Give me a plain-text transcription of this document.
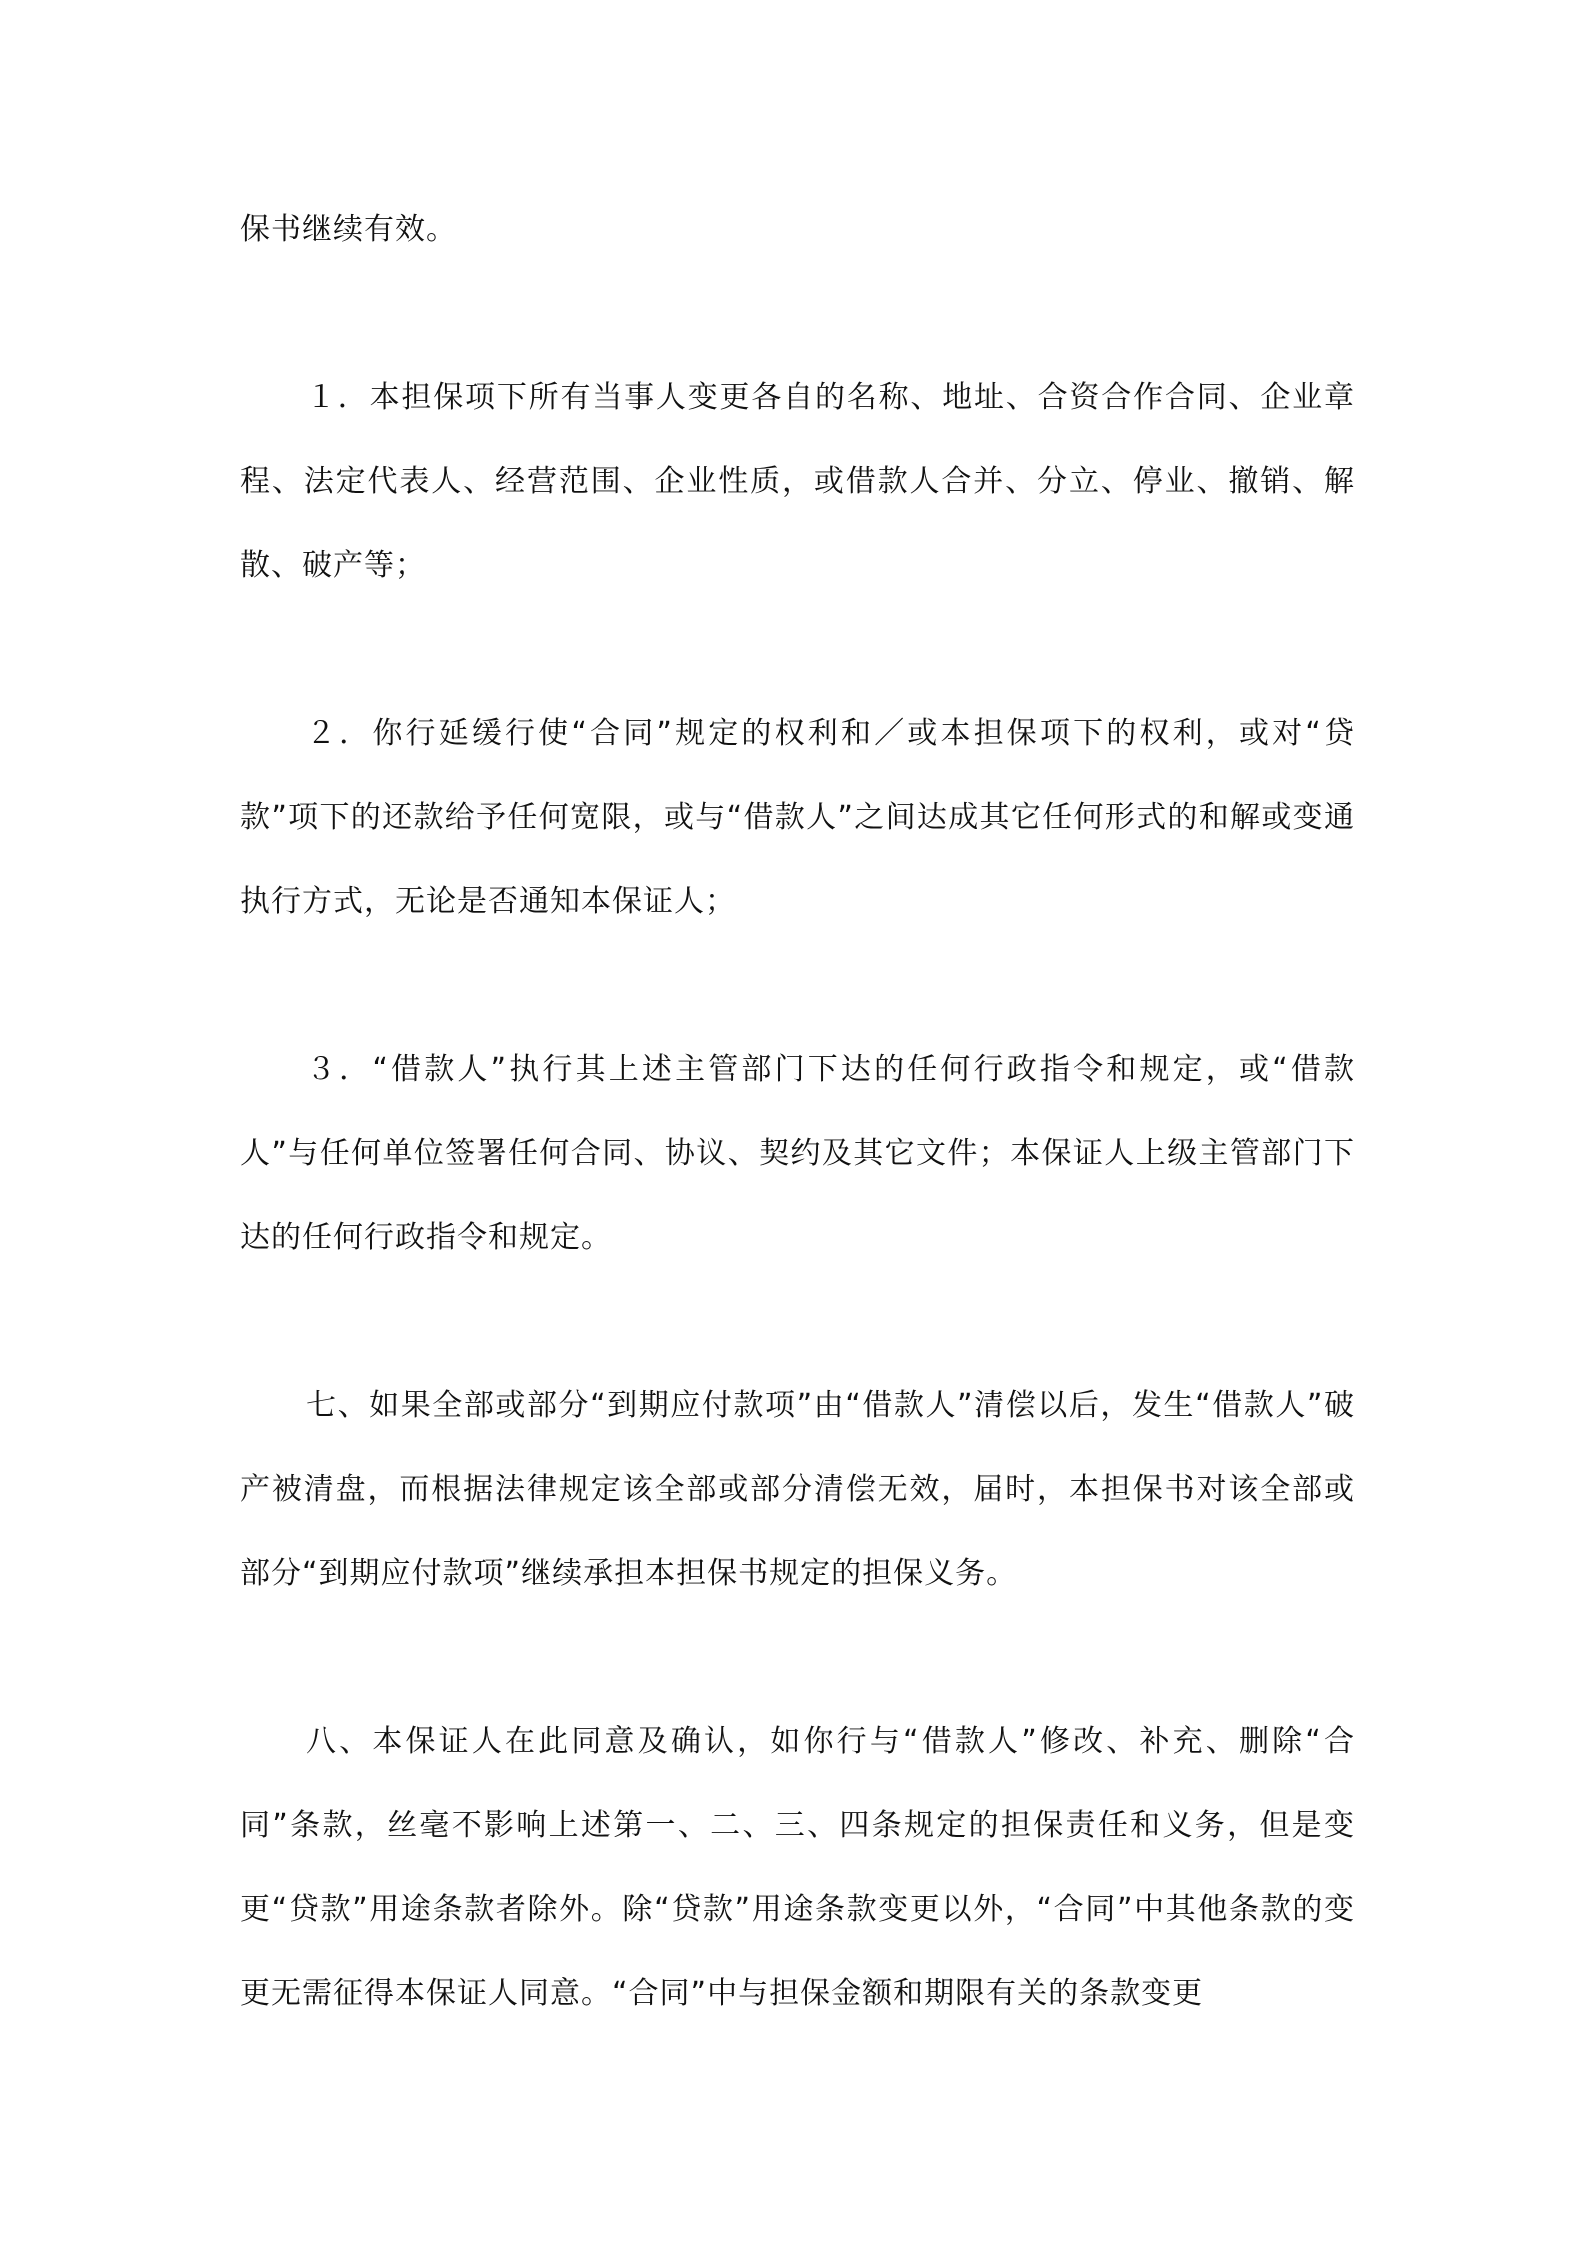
保书继续有效。

１．本担保项下所有当事人变更各自的名称、地址、合资合作合同、企业章程、法定代表人、经营范围、企业性质，或借款人合并、分立、停业、撤销、解散、破产等；

２．你行延缓行使“合同”规定的权利和／或本担保项下的权利，或对“贷款”项下的还款给予任何宽限，或与“借款人”之间达成其它任何形式的和解或变通执行方式，无论是否通知本保证人；

３．“借款人”执行其上述主管部门下达的任何行政指令和规定，或“借款人”与任何单位签署任何合同、协议、契约及其它文件；本保证人上级主管部门下达的任何行政指令和规定。

七、如果全部或部分“到期应付款项”由“借款人”清偿以后，发生“借款人”破产被清盘，而根据法律规定该全部或部分清偿无效，届时，本担保书对该全部或部分“到期应付款项”继续承担本担保书规定的担保义务。

八、本保证人在此同意及确认，如你行与“借款人”修改、补充、删除“合同”条款，丝毫不影响上述第一、二、三、四条规定的担保责任和义务，但是变更“贷款”用途条款者除外。除“贷款”用途条款变更以外，“合同”中其他条款的变更无需征得本保证人同意。“合同”中与担保金额和期限有关的条款变更
